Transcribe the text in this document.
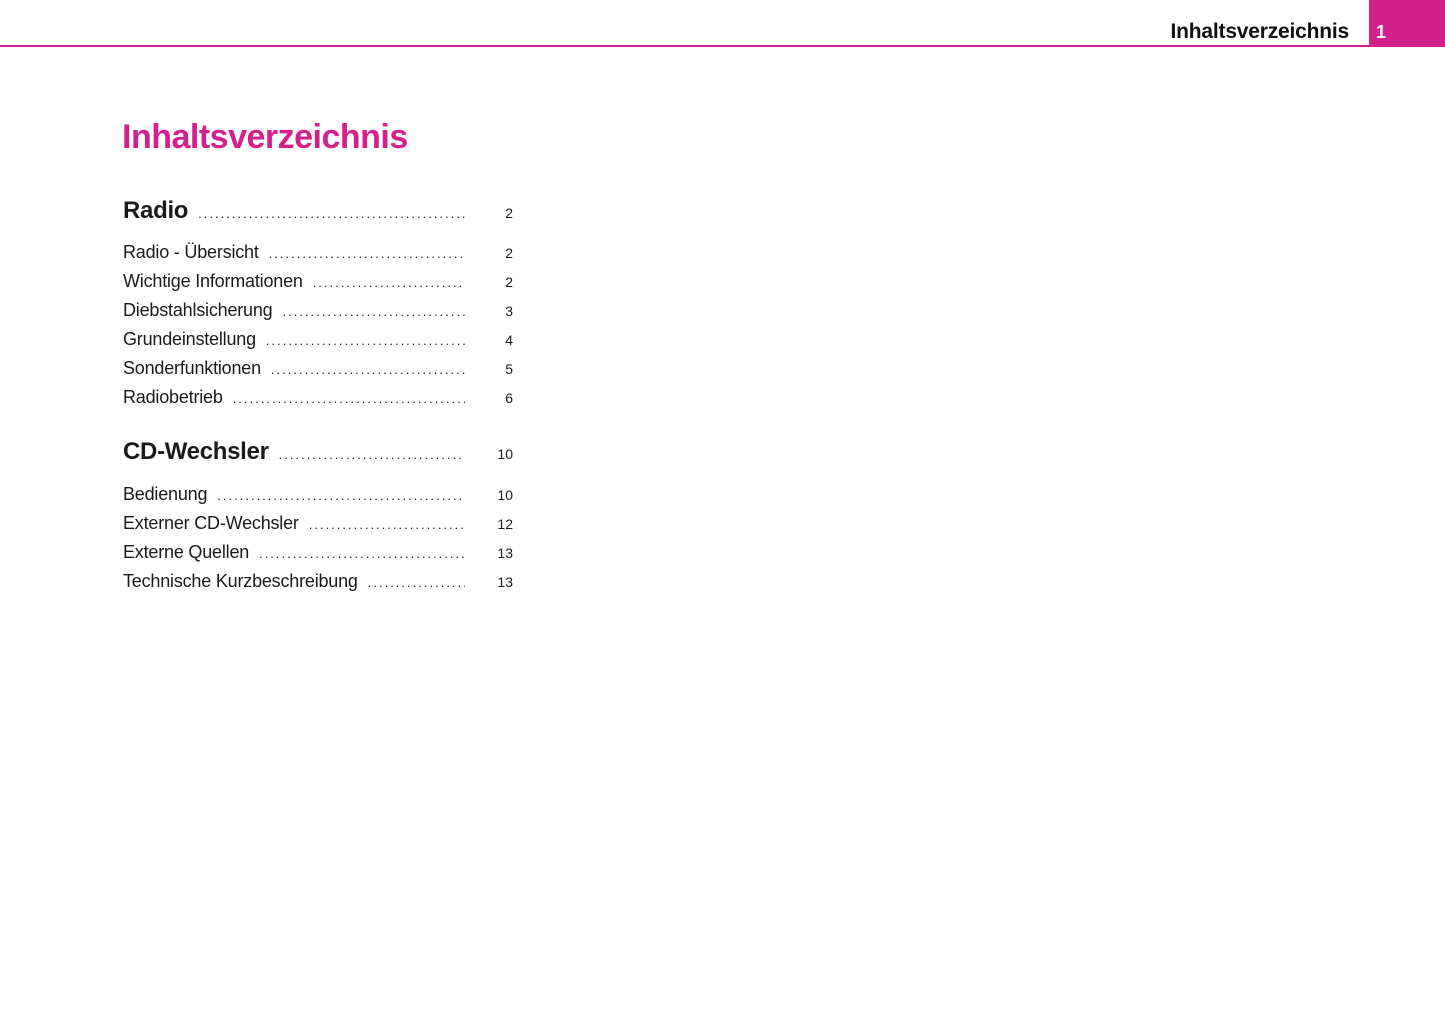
Inhaltsverzeichnis 1
Inhaltsverzeichnis
Radio .....	2
Radio - Übersicht .....	2
Wichtige Informationen .....	2
Diebstahlsicherung .....	3
Grundeinstellung .....	4
Sonderfunktionen .....	5
Radiobetrieb .....	6
CD-Wechsler .....	10
Bedienung .....	10
Externer CD-Wechsler .....	12
Externe Quellen .....	13
Technische Kurzbeschreibung .....	13
